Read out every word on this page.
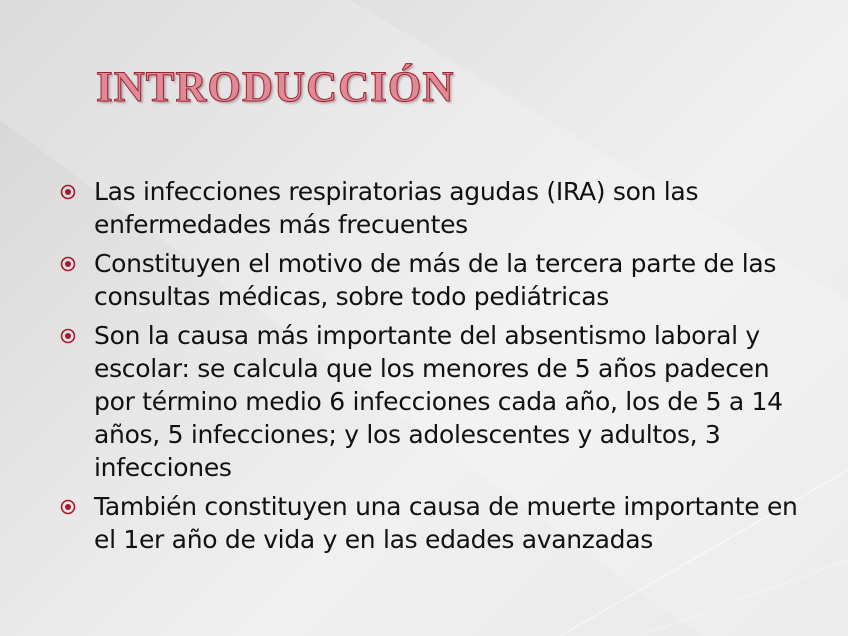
INTRODUCCIÓN
Las infecciones respiratorias agudas (IRA) son las enfermedades más frecuentes
Constituyen el motivo de más de la tercera parte de las consultas médicas, sobre todo pediátricas
Son la causa más importante del absentismo laboral y escolar: se calcula que los menores de 5 años padecen por término medio 6 infecciones cada año, los de 5 a 14 años, 5 infecciones; y los adolescentes y adultos, 3 infecciones
También constituyen una causa de muerte importante en el 1er año de vida y en las edades avanzadas
